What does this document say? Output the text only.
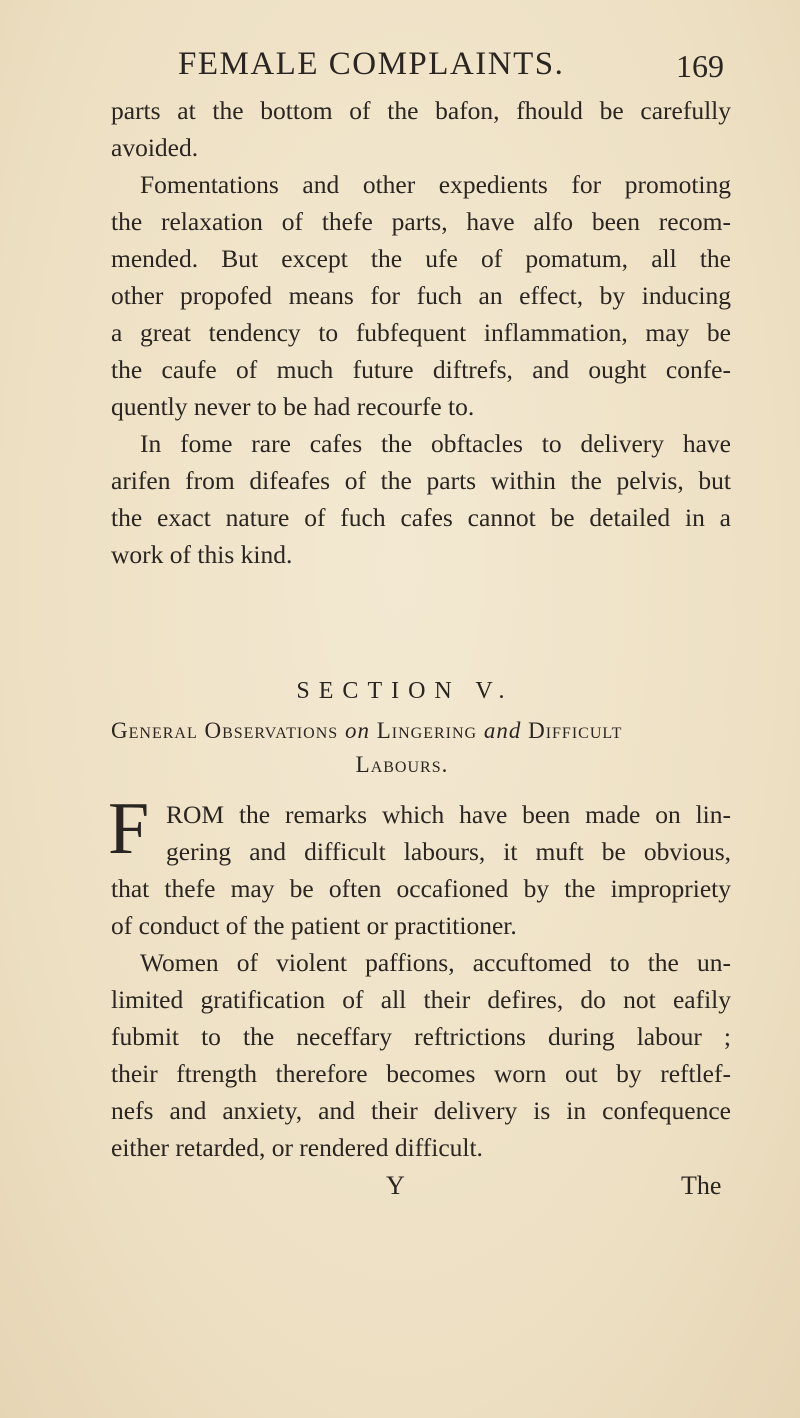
FEMALE COMPLAINTS.	169
parts at the bottom of the bafon, fhould be carefully
avoided.
Fomentations and other expedients for promoting
the relaxation of thefe parts, have alfo been recom-
mended. But except the ufe of pomatum, all the
other propofed means for fuch an effect, by inducing
a great tendency to fubfequent inflammation, may be
the caufe of much future diftrefs, and ought confe-
quently never to be had recourfe to.
In fome rare cafes the obftacles to delivery have
arifen from difeafes of the parts within the pelvis, but
the exact nature of fuch cafes cannot be detailed in a
work of this kind.
SECTION V.
General Observations on Lingering and Difficult
Labours.
F ROM the remarks which have been made on lin-
gering and difficult labours, it muft be obvious,
that thefe may be often occafioned by the impropriety
of conduct of the patient or practitioner.
Women of violent paffions, accuftomed to the un-
limited gratification of all their defires, do not eafily
fubmit to the neceffary reftrictions during labour ;
their ftrength therefore becomes worn out by reftlef-
nefs and anxiety, and their delivery is in confequence
either retarded, or rendered difficult.
Y	The
